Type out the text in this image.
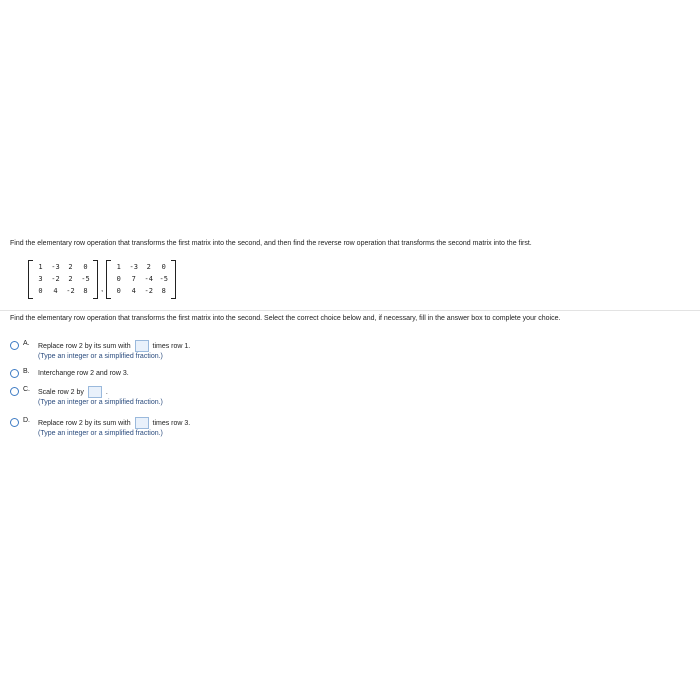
Find the elementary row operation that transforms the first matrix into the second, and then find the reverse row operation that transforms the second matrix into the first.
1	-3	2	0
3	-2	2	-5
0	4	-2	8	,
1	-3	2	0
0	7	-4 -5
0	4	-2	8
Find the elementary row operation that transforms the first matrix into the second. Select the correct choice below and, if necessary, fill in the answer box to complete your choice.
A. Replace row 2 by its sum with	times row 1.
(Type an integer or a simplified fraction.)
B. Interchange row 2 and row 3.
C. Scale row 2 by	.
(Type an integer or a simplified fraction.)
D. Replace row 2 by its sum with	times row 3.
(Type an integer or a simplified fraction.)
